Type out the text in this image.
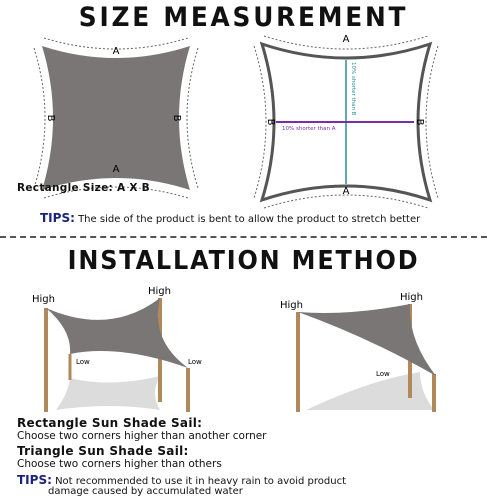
SIZE MEASUREMENT
A
A
B	B
A
A
B	B
10% shorter than B
10% shorter than A
Rectangle Size: A X B
TIPS: The side of the product is bent to allow the product to stretch better
INSTALLATION METHOD
High
High
Low	Low
High
High
Low
Rectangle Sun Shade Sail:
Choose two corners higher than another corner
Triangle Sun Shade Sail:
Choose two corners higher than others
TIPS: Not recommended to use it in heavy rain to avoid product
damage caused by accumulated water
